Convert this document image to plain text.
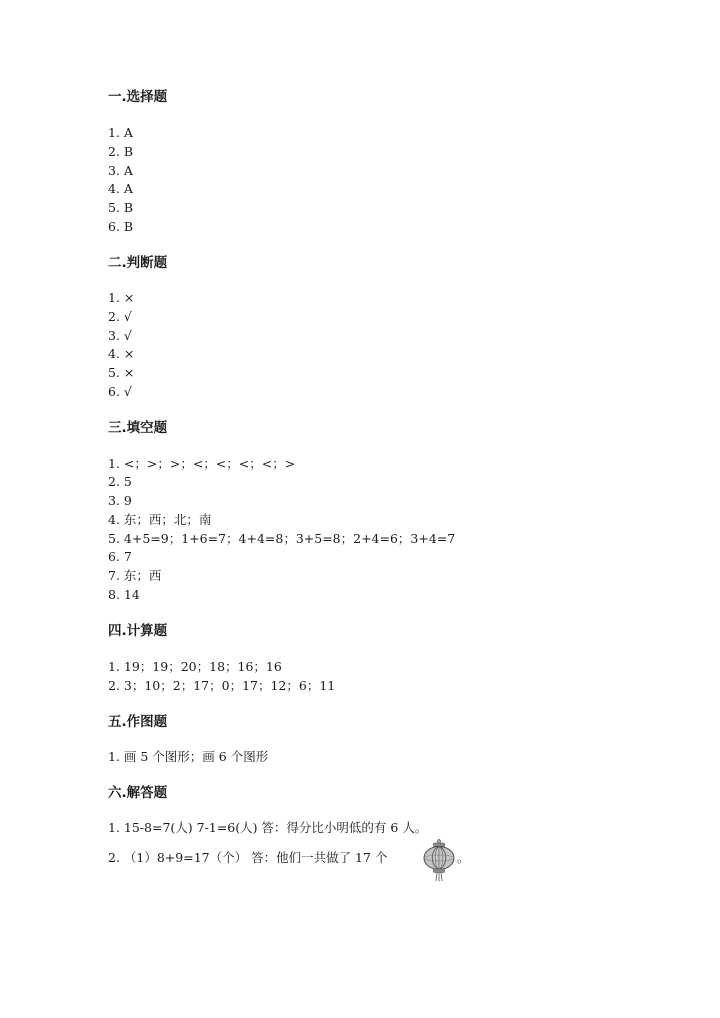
一.选择题
1. A
2. B
3. A
4. A
5. B
6. B
二.判断题
1. ×
2. √
3. √
4. ×
5. ×
6. √
三.填空题
1. <；>；>；<；<；<；<；>
2. 5
3. 9
4. 东；西；北；南
5. 4+5=9；1+6=7；4+4=8；3+5=8；2+4=6；3+4=7
6. 7
7. 东；西
8. 14
四.计算题
1. 19；19；20；18；16；16
2. 3；10；2；17；0；17；12；6；11
五.作图题
1. 画 5 个图形；画 6 个图形
六.解答题
1. 15-8=7(人) 7-1=6(人) 答：得分比小明低的有 6 人。
2. （1）8+9=17（个） 答：他们一共做了 17 个	。
